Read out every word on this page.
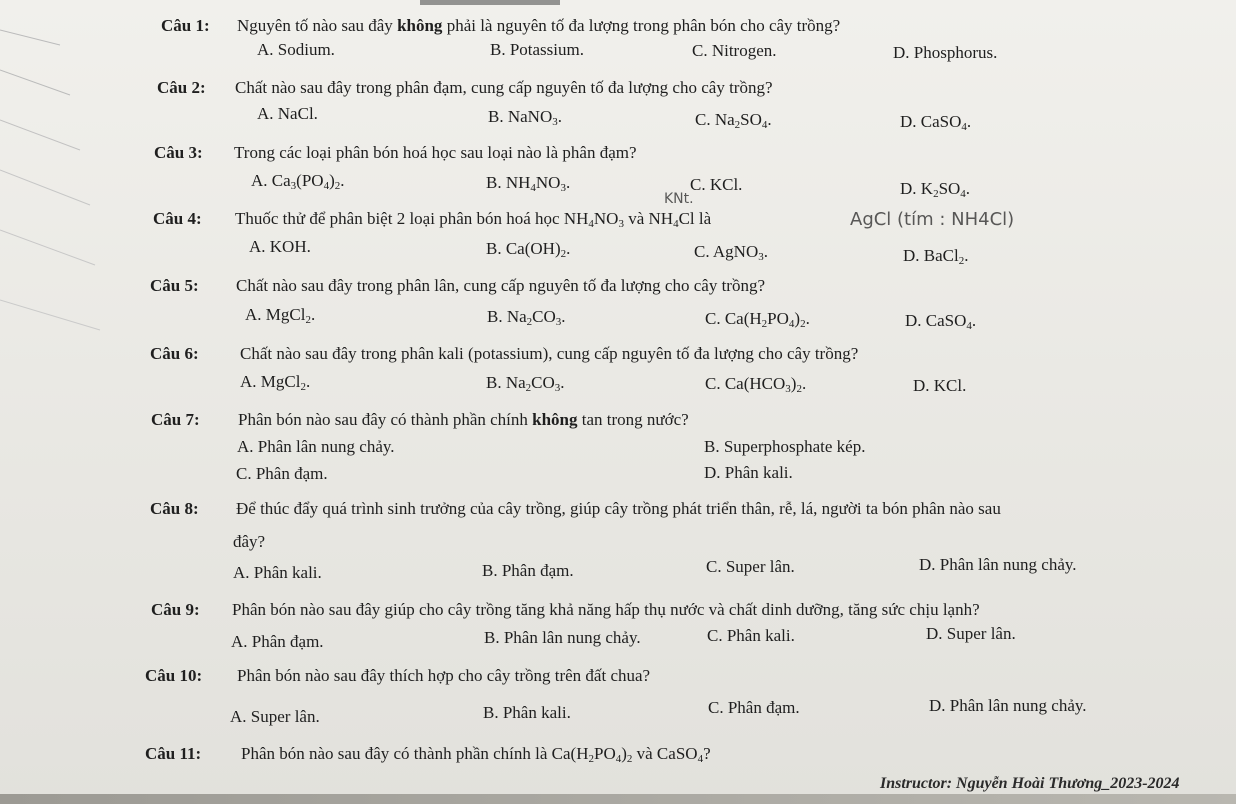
Câu 1: Nguyên tố nào sau đây không phải là nguyên tố đa lượng trong phân bón cho cây trồng?
A. Sodium.	B. Potassium.	C. Nitrogen.	D. Phosphorus.
Câu 2: Chất nào sau đây trong phân đạm, cung cấp nguyên tố đa lượng cho cây trồng?
A. NaCl.	B. NaNO$_3$.	C. $Na_2SO_4$.	D. CaSO$_4$.
Câu 3: Trong các loại phân bón hoá học sau loại nào là phân đạm?
A. $Ca_3(PO_4)_2$.	B. $NH_4NO_3$.	C. KCl.	D. $K_2SO_4$.
KNt.
Câu 4: Thuốc thử để phân biệt 2 loại phân bón hoá học $NH_4NO_3$ và $NH_4Cl$ là	AgCl (tím : NH4Cl)
A. KOH.	B. $Ca(OH)_2$.	C. AgNO$_3$.	D. BaCl$_2$.
Câu 5: Chất nào sau đây trong phân lân, cung cấp nguyên tố đa lượng cho cây trồng?
A. MgCl$_2$.	B. $Na_2CO_3$.	C. $Ca(H_2PO_4)_2$.	D. CaSO$_4$.
Câu 6: Chất nào sau đây trong phân kali (potassium), cung cấp nguyên tố đa lượng cho cây trồng?
A. MgCl$_2$.	B. $Na_2CO_3$.	C. $Ca(HCO_3)_2$.	D. KCl.
Câu 7: Phân bón nào sau đây có thành phần chính không tan trong nước?
A. Phân lân nung chảy.	B. Superphosphate kép.
C. Phân đạm.	D. Phân kali.
Câu 8: Để thúc đẩy quá trình sinh trưởng của cây trồng, giúp cây trồng phát triển thân, rễ, lá, người ta bón phân nào sau
đây?
A. Phân kali.	B. Phân đạm.	C. Super lân.	D. Phân lân nung chảy.
Câu 9: Phân bón nào sau đây giúp cho cây trồng tăng khả năng hấp thụ nước và chất dinh dưỡng, tăng sức chịu lạnh?
A. Phân đạm.	B. Phân lân nung chảy.	C. Phân kali.	D. Super lân.
Câu 10: Phân bón nào sau đây thích hợp cho cây trồng trên đất chua?
A. Super lân.	B. Phân kali.	C. Phân đạm.	D. Phân lân nung chảy.
Câu 11: Phân bón nào sau đây có thành phần chính là $Ca(H_2PO_4)_2$ và CaSO$_4$?
Instructor: Nguyễn Hoài Thương_2023-2024
